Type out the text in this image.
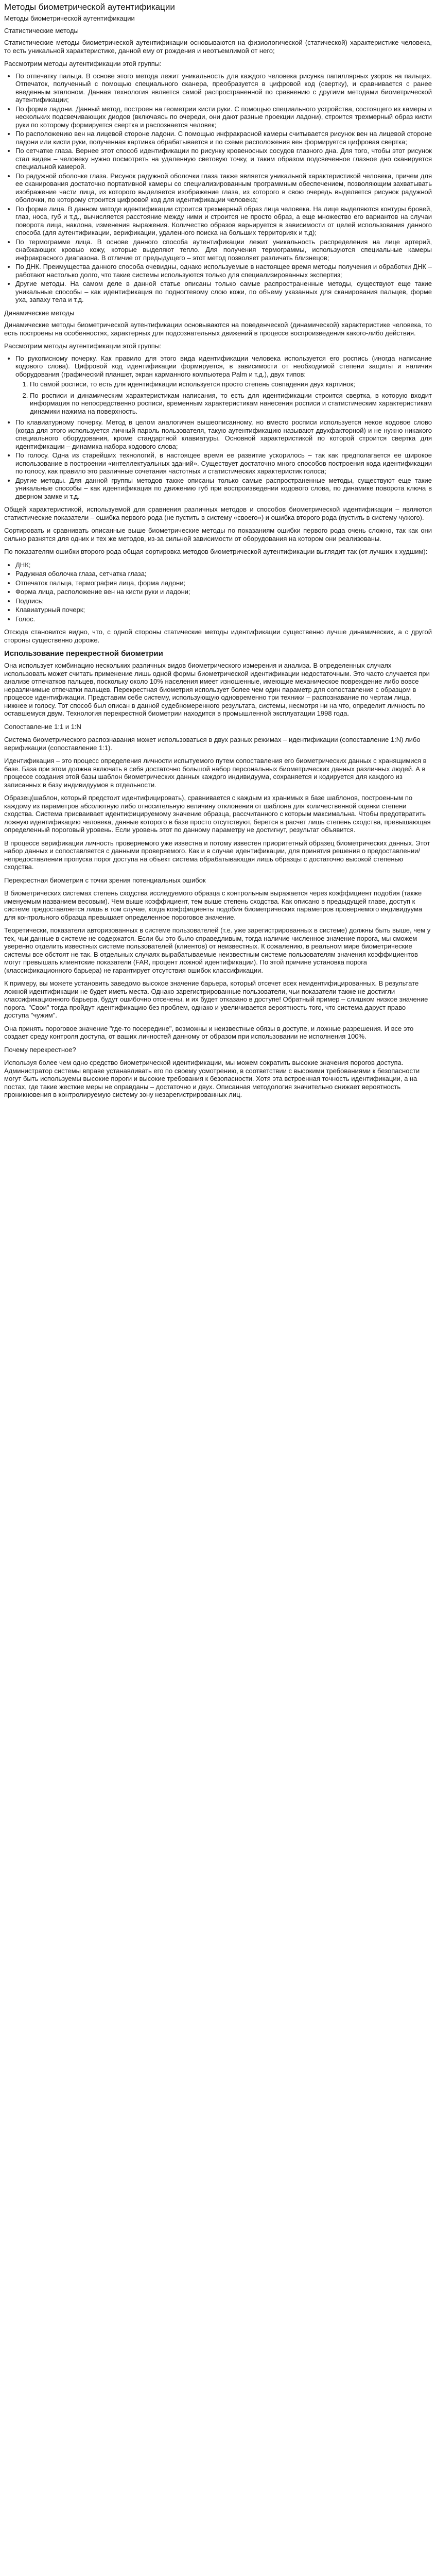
Методы биометрической аутентификации

Методы биометрической аутентификации

Статистические методы

Статистические методы биометрической аутентификации основываются на физиологической (статической) характеристике человека, то есть уникальной характеристике, данной ему от рождения и неотъемлимой от него;

Рассмотрим методы аутентификации этой группы:

• По отпечатку пальца. В основе этого метода лежит уникальность для каждого человека рисунка папиллярных узоров на пальцах. Отпечаток, полученный с помощью специального сканера, преобразуется в цифровой код (свертку), и сравнивается с ранее введенным эталоном. Данная технология является самой распространенной по сравнению с другими методами биометрической аутентификации;
• По форме ладони. Данный метод, построен на геометрии кисти руки. С помощью специального устройства, состоящего из камеры и нескольких подсвечивающих диодов (включаясь по очереди, они дают разные проекции ладони), строится трехмерный образ кисти руки по которому формируется свертка и распознается человек;
• По расположению вен на лицевой стороне ладони. С помощью инфракрасной камеры считывается рисунок вен на лицевой стороне ладони или кисти руки, полученная картинка обрабатывается и по схеме расположения вен формируется цифровая свертка;
• По сетчатке глаза. Вернее этот способ идентификации по рисунку кровеносных сосудов глазного дна. Для того, чтобы этот рисунок стал виден – человеку нужно посмотреть на удаленную световую точку, и таким образом подсвеченное глазное дно сканируется специальной камерой.
• По радужной оболочке глаза. Рисунок радужной оболочки глаза также является уникальной характеристикой человека, причем для ее сканирования достаточно портативной камеры со специализированным программным обеспечением, позволяющим захватывать изображение части лица, из которого выделяется изображение глаза, из которого в свою очередь выделяется рисунок радужной оболочки, по которому строится цифровой код для идентификации человека;
• По форме лица. В данном методе идентификации строится трехмерный образ лица человека. На лице выделяются контуры бровей, глаз, носа, губ и т.д., вычисляется расстояние между ними и строится не просто образ, а еще множество его вариантов на случаи поворота лица, наклона, изменения выражения. Количество образов варьируется в зависимости от целей использования данного способа (для аутентификации, верификации, удаленного поиска на больших территориях и т.д);
• По термограмме лица. В основе данного способа аутентификации лежит уникальность распределения на лице артерий, снабжающих кровью кожу, которые выделяют тепло. Для получения термограммы, используются специальные камеры инфракрасного диапазона. В отличие от предыдущего – этот метод позволяет различать близнецов;
• По ДНК. Преимущества данного способа очевидны, однако используемые в настоящее время методы получения и обработки ДНК – работают настолько долго, что такие системы используются только для специализированных экспертиз;
• Другие методы. На самом деле в данной статье описаны только самые распространенные методы, существуют еще такие уникальные способы – как идентификация по подногтевому слою кожи, по объему указанных для сканирования пальцев, форме уха, запаху тела и т.д.

Динамические методы

Динамические методы биометрической аутентификации основываются на поведенческой (динамической) характеристике человека, то есть построены на особенностях, характерных для подсознательных движений в процессе воспроизведения какого-либо действия.

Рассмотрим методы аутентификации этой группы:

• По рукописному почерку. Как правило для этого вида идентификации человека используется его роспись (иногда написание кодового слова). Цифровой код идентификации формируется, в зависимости от необходимой степени защиты и наличия оборудования (графический планшет, экран карманного компьютера Palm и т.д.), двух типов:
1. По самой росписи, то есть для идентификации используется просто степень совпадения двух картинок;
2. По росписи и динамическим характеристикам написания, то есть для идентификации строится свертка, в которую входит информация по непосредственно росписи, временным характеристикам нанесения росписи и статистическим характеристикам динамики нажима на поверхность.
• По клавиатурному почерку. Метод в целом аналогичен вышеописанному, но вместо росписи используется некое кодовое слово (когда для этого используется личный пароль пользователя, такую аутентификацию называют двухфакторной) и не нужно никакого специального оборудования, кроме стандартной клавиатуры. Основной характеристикой по которой строится свертка для идентификации – динамика набора кодового слова;
• По голосу. Одна из старейших технологий, в настоящее время ее развитие ускорилось – так как предполагается ее широкое использование в построении «интеллектуальных зданий». Существует достаточно много способов построения кода идентификации по голосу, как правило это различные сочетания частотных и статистических характеристик голоса;
• Другие методы. Для данной группы методов также описаны только самые распространенные методы, существуют еще такие уникальные способы – как идентификация по движению губ при воспроизведении кодового слова, по динамике поворота ключа в дверном замке и т.д.

Общей характеристикой, используемой для сравнения различных методов и способов биометрической идентификации – являются статистические показатели – ошибка первого рода (не пустить в систему «своего») и ошибка второго рода (пустить в систему чужого).

Сортировать и сравнивать описанные выше биометрические методы по показаниям ошибки первого рода очень сложно, так как они сильно разнятся для одних и тех же методов, из-за сильной зависимости от оборудования на котором они реализованы.

По показателям ошибки второго рода общая сортировка методов биометрической аутентификации выглядит так (от лучших к худшим):

• ДНК;
• Радужная оболочка глаза, сетчатка глаза;
• Отпечаток пальца, термография лица, форма ладони;
• Форма лица, расположение вен на кисти руки и ладони;
• Подпись;
• Клавиатурный почерк;
• Голос.

Отсюда становится видно, что, с одной стороны статические методы идентификации существенно лучше динамических, а с другой стороны существенно дороже.

Использование перекрестной биометрии

Она использует комбинацию нескольких различных видов биометрического измерения и анализа. В определенных случаях использовать может считать применение лишь одной формы биометрической идентификации недостаточным. Это часто случается при анализе отпечатков пальцев, поскольку около 10% населения имеет изношенные, имеющие механическое повреждение либо вовсе неразличимые отпечатки пальцев. Перекрестная биометрия использует более чем один параметр для сопоставления с образцом в процессе идентификации. Представим себе систему, использующую одновременно три техники – распознавание по чертам лица, нижнее и голосу. Тот способ был описан в данной судебномеренного результата, системы, несмотря ни на что, определит личность по оставшемуся двум. Технология перекрестной биометрии находится в промышленной эксплуатации 1998 года.

Сопоставление 1:1 и 1:N

Система биометрического распознавания может использоваться в двух разных режимах – идентификации (сопоставление 1:N) либо верификации (сопоставление 1:1).

Идентификация – это процесс определения личности испытуемого путем сопоставления его биометрических данных с хранящимися в базе. База при этом должна включать в себя достаточно большой набор персональных биометрических данных различных людей. А в процессе создания этой базы шаблон биометрических данных каждого индивидуума, сохраняется и кодируется для каждого из записанных в базу индивидуумов в отдельности.

Образец(шаблон, который предстоит идентифицировать), сравнивается с каждым из хранимых в базе шаблонов, построенным по каждому из параметров абсолютную либо относительную величину отклонения от шаблона для количественной оценки степени сходства. Система присваивает идентифицируемому значение образца, рассчитанного с которым максимальна. Чтобы предотвратить ложную идентификацию человека, данные которого в базе просто отсутствуют, берется в расчет лишь степень сходства, превышающая определенный пороговый уровень. Если уровень этот по данному параметру не достигнут, результат объявится.

В процессе верификации личность проверяемого уже известна и потому известен приоритетный образец биометрических данных. Этот набор данных и сопоставляется с данными проверяемого. Как и в случае идентификации, для принятия решения о предоставлении/непредоставлении пропуска порог доступа на объект система обрабатывающая лишь образцы с достаточно высокой степенью сходства.

Перекрестная биометрия с точки зрения потенциальных ошибок

В биометрических системах степень сходства исследуемого образца с контрольным выражается через коэффициент подобия (также именуемым названием весовым). Чем выше коэффициент, тем выше степень сходства. Как описано в предыдущей главе, доступ к системе предоставляется лишь в том случае, когда коэффициенты подобия биометрических параметров проверяемого индивидуума для контрольного образца превышает определенное пороговое значение.

Теоретически, показатели авторизованных в системе пользователей (т.е. уже зарегистрированных в системе) должны быть выше, чем у тех, чьи данные в системе не содержатся. Если бы это было справедливым, тогда наличие численное значение порога, мы сможем уверенно отделить известных системе пользователей (клиентов) от неизвестных. К сожалению, в реальном мире биометрические системы все обстоят не так. В отдельных случаях вырабатываемые неизвестным системе пользователям значения коэффициентов могут превышать клиентские показатели (FAR, процент ложной идентификации). По этой причине установка порога (классификационного барьера) не гарантирует отсутствия ошибок классификации.

К примеру, вы можете установить заведомо высокое значение барьера, который отсечет всех неидентифицированных. В результате ложной идентификации не будет иметь места. Однако зарегистрированные пользователи, чьи показатели также не достигли классификационного барьера, будут ошибочно отсечены, и их будет отказано в доступе! Обратный пример – слишком низкое значение порога. "Свои" тогда пройдут идентификацию без проблем, однако и увеличивается вероятность того, что система даруст право доступа "чужим".

Она принять пороговое значение "где-то посередине", возможны и неизвестные обязы в доступе, и ложные разрешения. И все это создает среду контроля доступа, от ваших личностей данному от образом при использовании не исполнения 100%.

Почему перекрестное?

Используя более чем одно средство биометрической идентификации, мы можем сократить высокие значения порогов доступа. Администратор системы вправе устанавливать его по своему усмотрению, в соответствии с высокими требованиями к безопасности могут быть используемы высокие пороги и высокие требования к безопасности. Хотя эта встроенная точность идентификации, а на постах, где такие жесткие меры не оправданы – достаточно и двух. Описанная методология значительно снижает вероятность проникновения в контролируемую систему зону незарегистрированных лиц.
